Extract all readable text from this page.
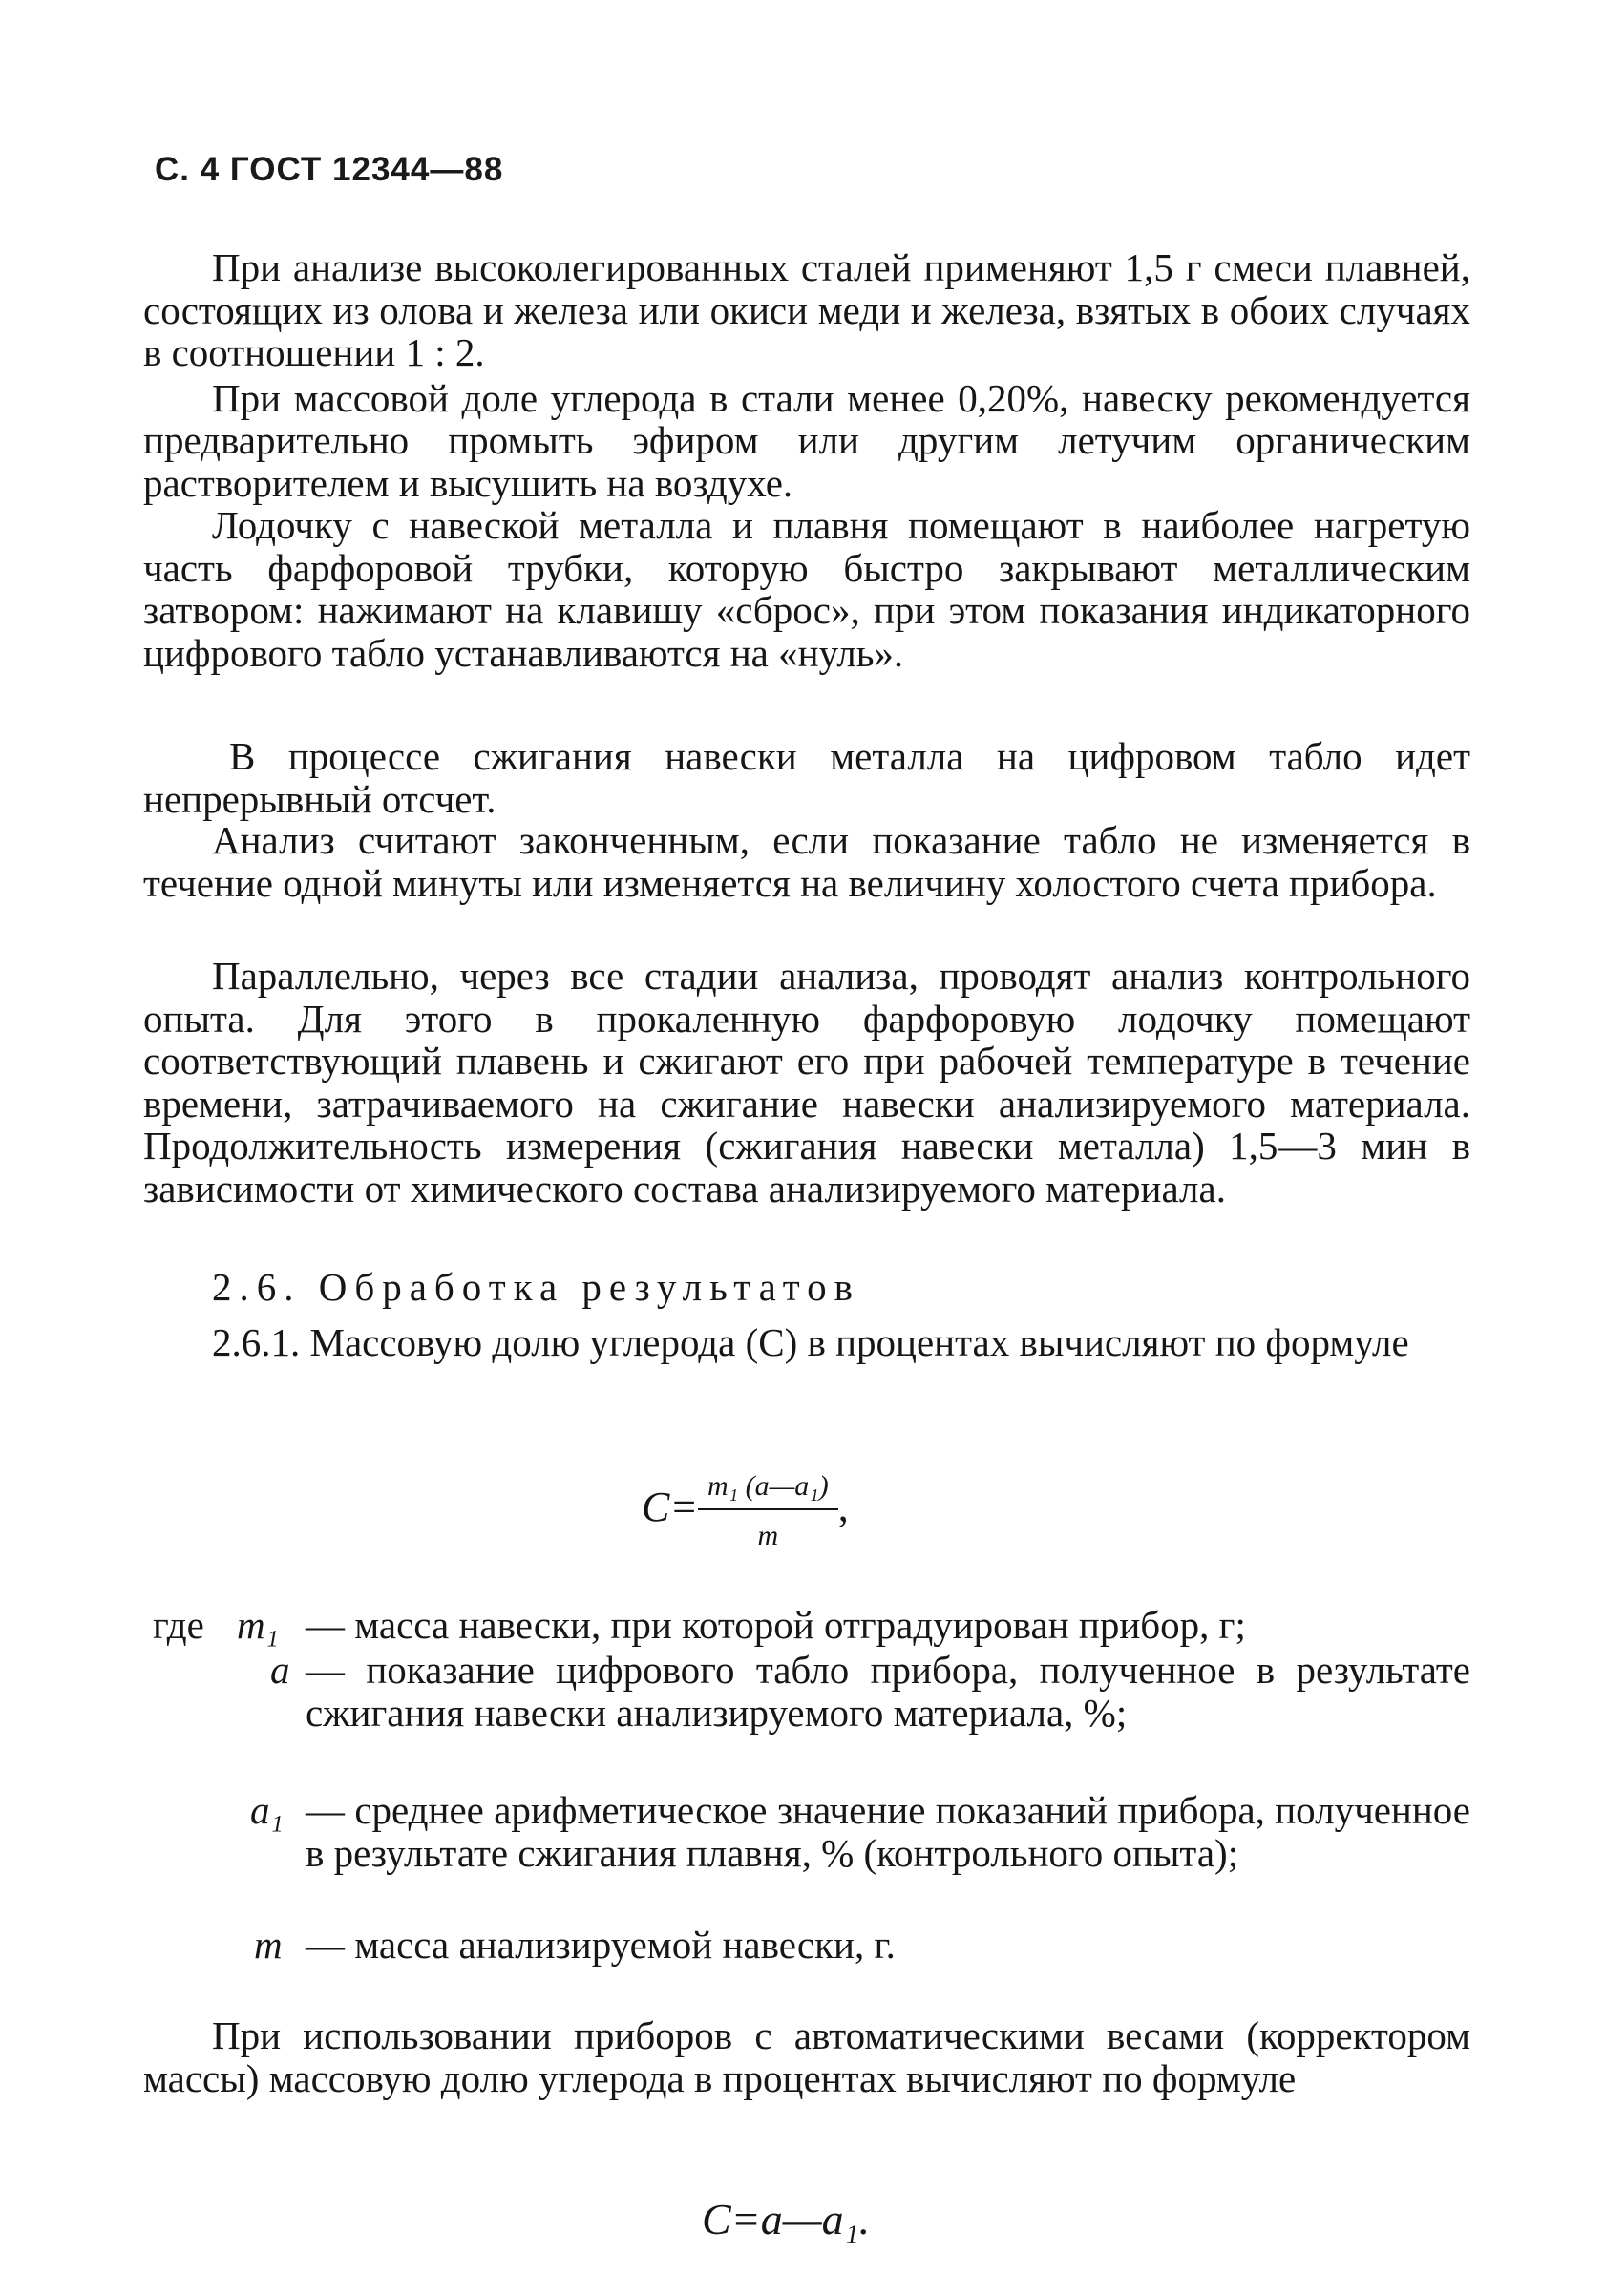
С. 4 ГОСТ 12344—88

При анализе высоколегированных сталей применяют 1,5 г смеси плавней, состоящих из олова и железа или окиси меди и железа, взятых в обоих случаях в соотношении 1 : 2.

При массовой доле углерода в стали менее 0,20%, навеску рекомендуется предварительно промыть эфиром или другим летучим органическим растворителем и высушить на воздухе.

Лодочку с навеской металла и плавня помещают в наиболее нагретую часть фарфоровой трубки, которую быстро закрывают металлическим затвором: нажимают на клавишу «сброс», при этом показания индикаторного цифрового табло устанавливаются на «нуль».

В процессе сжигания навески металла на цифровом табло идет непрерывный отсчет.

Анализ считают законченным, если показание табло не изменяется в течение одной минуты или изменяется на величину холостого счета прибора.

Параллельно, через все стадии анализа, проводят анализ контрольного опыта. Для этого в прокаленную фарфоровую лодочку помещают соответствующий плавень и сжигают его при рабочей температуре в течение времени, затрачиваемого на сжигание навески анализируемого материала. Продолжительность измерения (сжигания навески металла) 1,5—3 мин в зависимости от химического состава анализируемого материала.

2.6. Обработка результатов

2.6.1. Массовую долю углерода (С) в процентах вычисляют по формуле

$C= \frac{\text{m₁ (a—a₁)}}{m}$ ,
где m₁ — масса навески, при которой отградуирован прибор, г;
a — показание цифрового табло прибора, полученное в результате сжигания навески анализируемого материала, %;
a₁ — среднее арифметическое значение показаний прибора, полученное в результате сжигания плавня, % (контрольного опыта);
m — масса анализируемой навески, г.

При использовании приборов с автоматическими весами (корректором массы) массовую долю углерода в процентах вычисляют по формуле

C=a—a₁.
